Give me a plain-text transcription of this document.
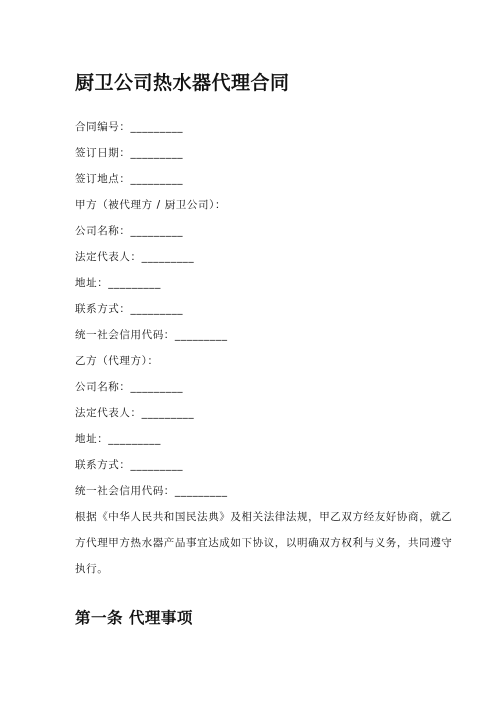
厨卫公司热水器代理合同
合同编号：_________
签订日期：_________
签订地点：_________
甲方（被代理方 / 厨卫公司）：
公司名称：_________
法定代表人：_________
地址：_________
联系方式：_________
统一社会信用代码：_________
乙方（代理方）：
公司名称：_________
法定代表人：_________
地址：_________
联系方式：_________
统一社会信用代码：_________
根据《中华人民共和国民法典》及相关法律法规，甲乙双方经友好协商，就乙
方代理甲方热水器产品事宜达成如下协议，以明确双方权利与义务，共同遵守
执行。
第一条 代理事项
